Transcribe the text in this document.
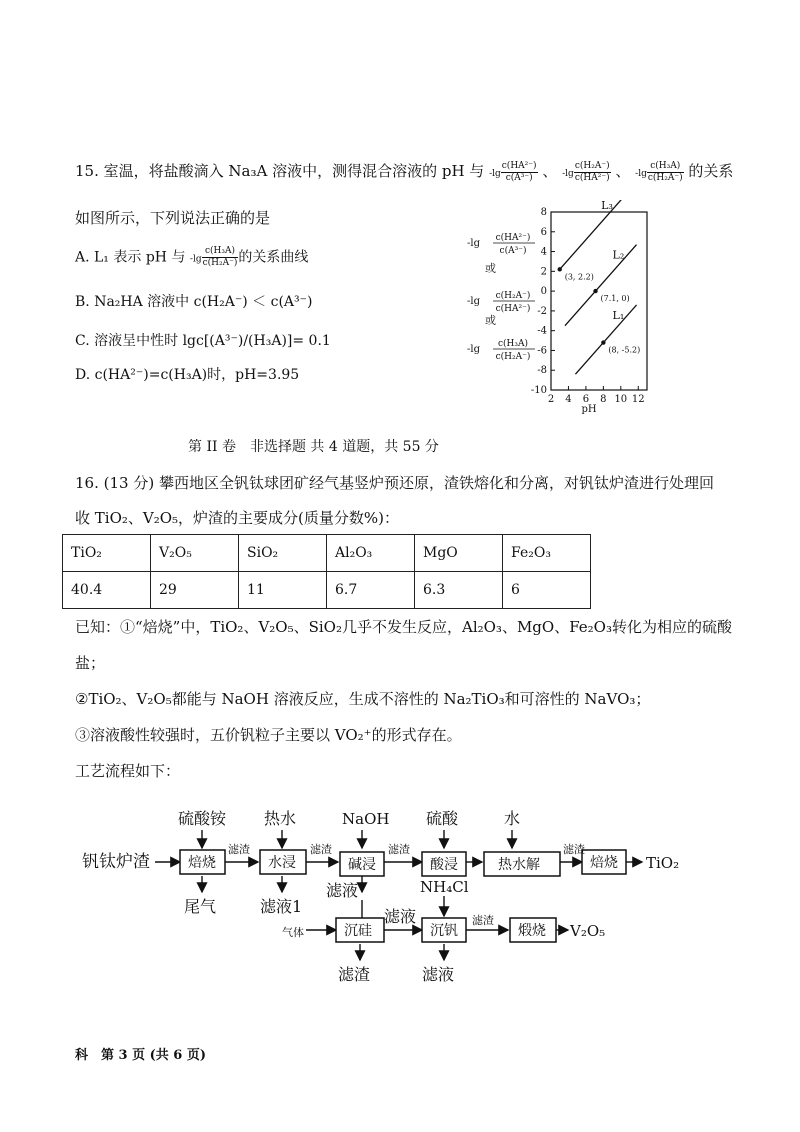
15. 室温，将盐酸滴入 Na₃A 溶液中，测得混合溶液的 pH 与 $-\lg \frac{\text{c(HA²⁻)}}{\text{c(A³⁻)}}$ 、 $-\lg \frac{\text{c(H₂A⁻)}}{\text{c(HA²⁻)}}$ 、 $-\lg \frac{\text{c(H₃A)}}{\text{c(H₂A⁻)}}$ 的关系
如图所示，下列说法正确的是
A. L₁ 表示 pH 与 $-\lg \frac{\text{c(H₃A)}}{\text{c(H₂A⁻)}}$ 的关系曲线
B. Na₂HA 溶液中 c(H₂A⁻) ＜ c(A³⁻)
C. 溶液呈中性时 lgc[(A³⁻)/(H₃A)]= 0.1
D. c(HA²⁻)=c(H₃A)时，pH=3.95
-10
-8
-6
-4
-2
0
2
4
6
8
2 4 6 8 10 12
pH
-lg c(HA²⁻)
c(A³⁻)
-lg c(H₂A⁻)
c(HA²⁻)
-lg c(H₃A)
c(H₂A⁻)
或
或
L₃
L₂
L₁
(3, 2.2)
(7.1, 0)
(8, -5.2)
第 II 卷　非选择题 共 4 道题，共 55 分
16. (13 分) 攀西地区全钒钛球团矿经气基竖炉预还原，渣铁熔化和分离，对钒钛炉渣进行处理回
收 TiO₂、V₂O₅，炉渣的主要成分(质量分数%)：
TiO₂	V₂O₅	SiO₂	Al₂O₃	MgO	Fe₂O₃
40.4	29	11	6.7	6.3	6
已知：①“焙烧”中，TiO₂、V₂O₅、SiO₂几乎不发生反应，Al₂O₃、MgO、Fe₂O₃转化为相应的硫酸
盐；
②TiO₂、V₂O₅都能与 NaOH 溶液反应，生成不溶性的 Na₂TiO₃和可溶性的 NaVO₃；
③溶液酸性较强时，五价钒粒子主要以 VO₂⁺的形式存在。
工艺流程如下：
钒钛炉渣	焙烧	水浸	碱浸	酸浸	热水解	焙烧
沉硅	沉钒	煅烧
硫酸铵 热水	NaOH 硫酸	水
NH₄Cl
尾气	滤液1
滤液
滤渣	滤液
滤渣	滤渣	滤渣	滤渣
滤液	滤渣
气体
TiO₂
V₂O₅
科　第 3 页 (共 6 页)
